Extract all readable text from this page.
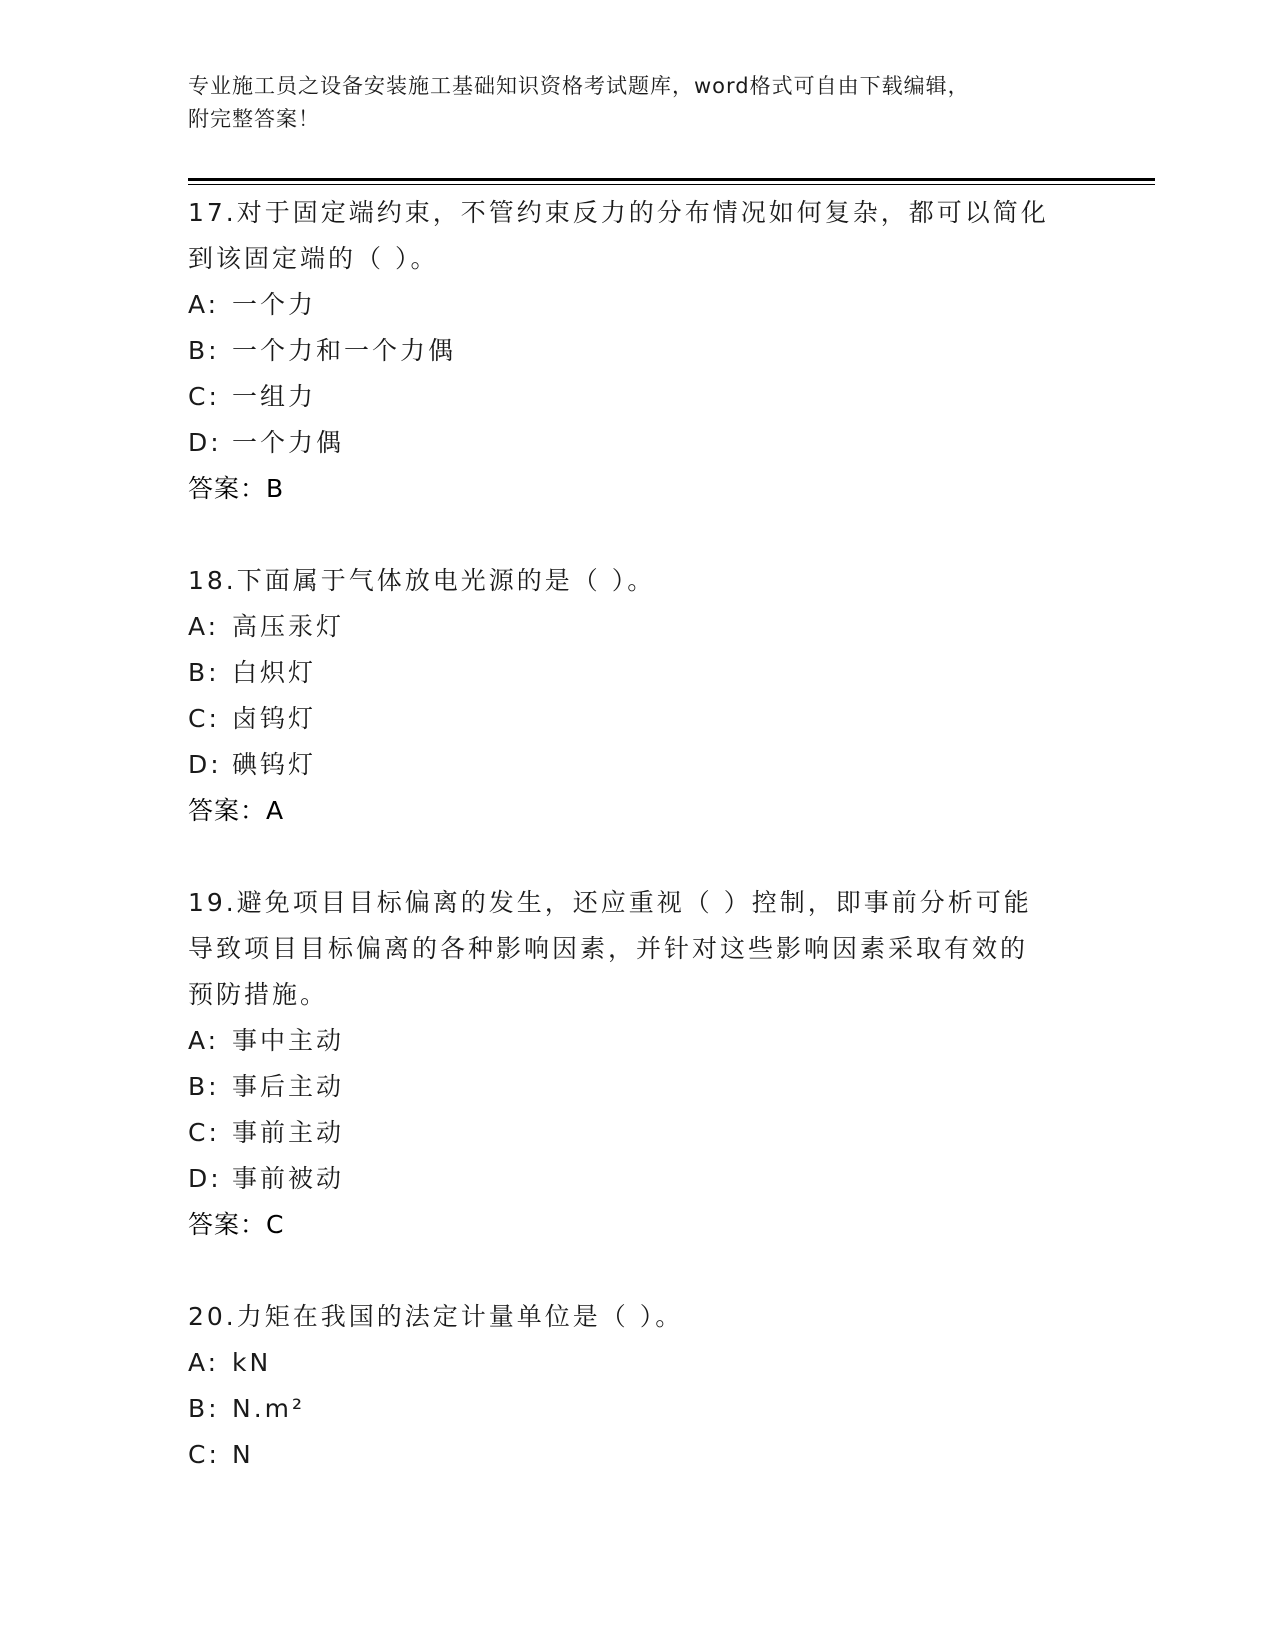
专业施工员之设备安装施工基础知识资格考试题库，word格式可自由下载编辑，
附完整答案！
17.对于固定端约束，不管约束反力的分布情况如何复杂，都可以简化
到该固定端的（ ）。
A: 一个力
B: 一个力和一个力偶
C: 一组力
D: 一个力偶
答案：B
18.下面属于气体放电光源的是（ ）。
A: 高压汞灯
B: 白炽灯
C: 卤钨灯
D: 碘钨灯
答案：A
19.避免项目目标偏离的发生，还应重视（ ）控制，即事前分析可能
导致项目目标偏离的各种影响因素，并针对这些影响因素采取有效的
预防措施。
A: 事中主动
B: 事后主动
C: 事前主动
D: 事前被动
答案：C
20.力矩在我国的法定计量单位是（ ）。
A: kN
B: N.m²
C: N
